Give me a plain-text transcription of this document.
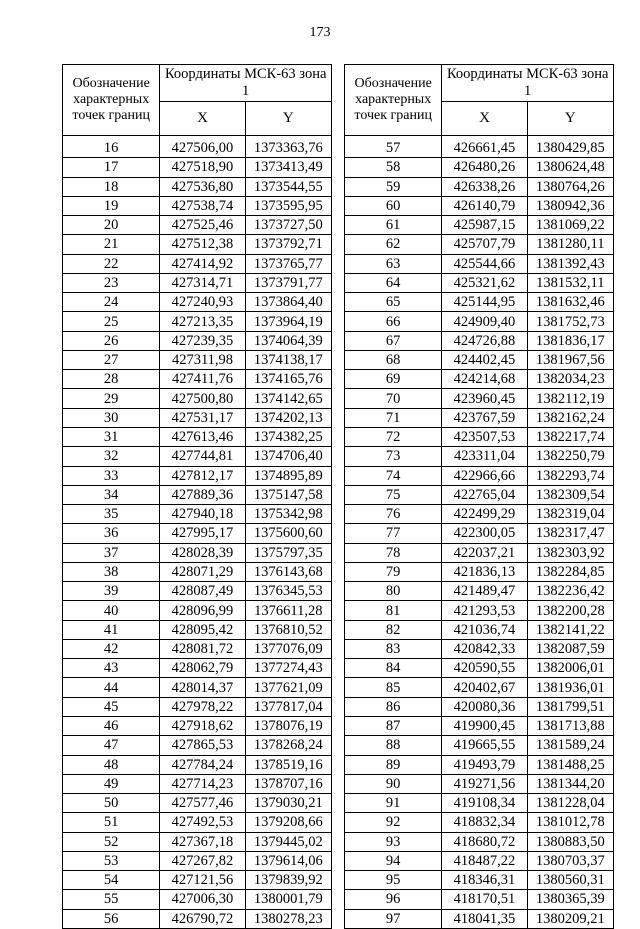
173
Обозначение характерных точек границ	Координаты МСК-63 зона 1	
	X	Y
16	427506,00	1373363,76
17	427518,90	1373413,49
18	427536,80	1373544,55
19	427538,74	1373595,95
20	427525,46	1373727,50
21	427512,38	1373792,71
22	427414,92	1373765,77
23	427314,71	1373791,77
24	427240,93	1373864,40
25	427213,35	1373964,19
26	427239,35	1374064,39
27	427311,98	1374138,17
28	427411,76	1374165,76
29	427500,80	1374142,65
30	427531,17	1374202,13
31	427613,46	1374382,25
32	427744,81	1374706,40
33	427812,17	1374895,89
34	427889,36	1375147,58
35	427940,18	1375342,98
36	427995,17	1375600,60
37	428028,39	1375797,35
38	428071,29	1376143,68
39	428087,49	1376345,53
40	428096,99	1376611,28
41	428095,42	1376810,52
42	428081,72	1377076,09
43	428062,79	1377274,43
44	428014,37	1377621,09
45	427978,22	1377817,04
46	427918,62	1378076,19
47	427865,53	1378268,24
48	427784,24	1378519,16
49	427714,23	1378707,16
50	427577,46	1379030,21
51	427492,53	1379208,66
52	427367,18	1379445,02
53	427267,82	1379614,06
54	427121,56	1379839,92
55	427006,30	1380001,79
56	426790,72	1380278,23
Обозначение характерных точек границ	Координаты МСК-63 зона 1	
	X	Y
57	426661,45	1380429,85
58	426480,26	1380624,48
59	426338,26	1380764,26
60	426140,79	1380942,36
61	425987,15	1381069,22
62	425707,79	1381280,11
63	425544,66	1381392,43
64	425321,62	1381532,11
65	425144,95	1381632,46
66	424909,40	1381752,73
67	424726,88	1381836,17
68	424402,45	1381967,56
69	424214,68	1382034,23
70	423960,45	1382112,19
71	423767,59	1382162,24
72	423507,53	1382217,74
73	423311,04	1382250,79
74	422966,66	1382293,74
75	422765,04	1382309,54
76	422499,29	1382319,04
77	422300,05	1382317,47
78	422037,21	1382303,92
79	421836,13	1382284,85
80	421489,47	1382236,42
81	421293,53	1382200,28
82	421036,74	1382141,22
83	420842,33	1382087,59
84	420590,55	1382006,01
85	420402,67	1381936,01
86	420080,36	1381799,51
87	419900,45	1381713,88
88	419665,55	1381589,24
89	419493,79	1381488,25
90	419271,56	1381344,20
91	419108,34	1381228,04
92	418832,34	1381012,78
93	418680,72	1380883,50
94	418487,22	1380703,37
95	418346,31	1380560,31
96	418170,51	1380365,39
97	418041,35	1380209,21
